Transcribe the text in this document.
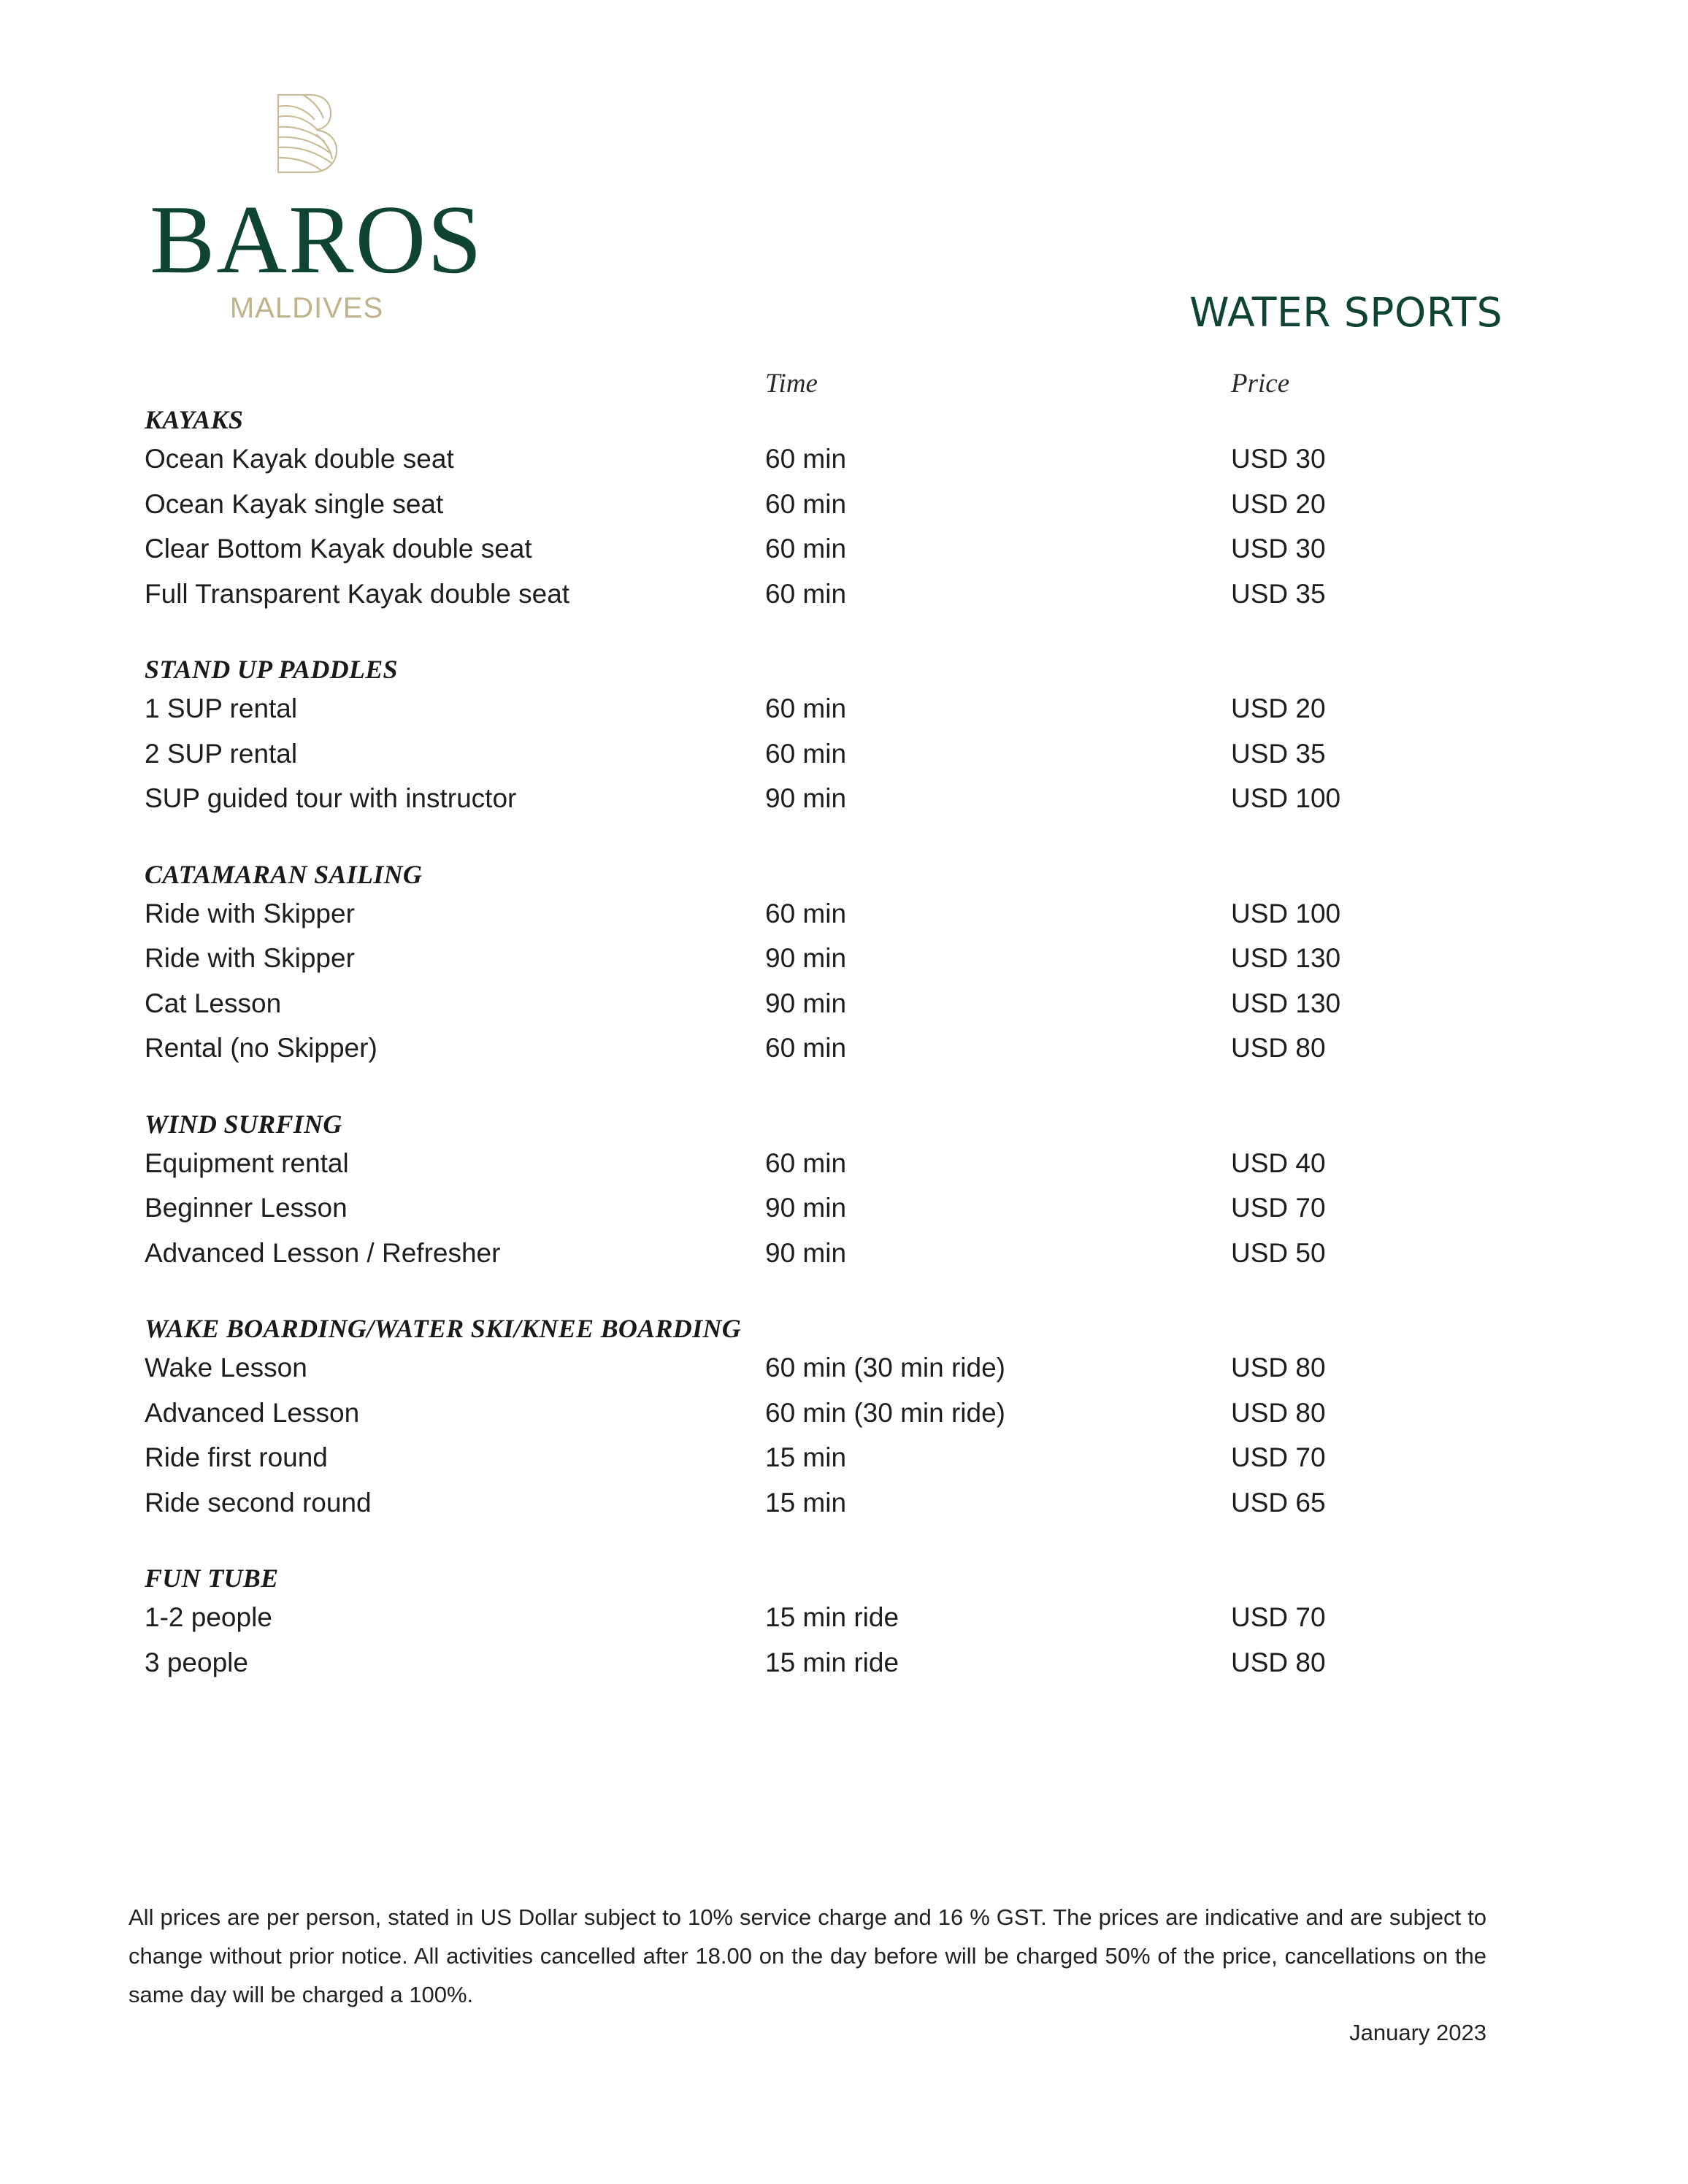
BAROS
MALDIVES	WATER SPORTS
Time	Price
KAYAKS
Ocean Kayak double seat	60 min	USD 30
Ocean Kayak single seat	60 min	USD 20
Clear Bottom Kayak double seat	60 min	USD 30
Full Transparent Kayak double seat	60 min	USD 35
STAND UP PADDLES
1 SUP rental	60 min	USD 20
2 SUP rental	60 min	USD 35
SUP guided tour with instructor	90 min	USD 100
CATAMARAN SAILING
Ride with Skipper	60 min	USD 100
Ride with Skipper	90 min	USD 130
Cat Lesson	90 min	USD 130
Rental (no Skipper)	60 min	USD 80
WIND SURFING
Equipment rental	60 min	USD 40
Beginner Lesson	90 min	USD 70
Advanced Lesson / Refresher	90 min	USD 50
WAKE BOARDING/WATER SKI/KNEE BOARDING
Wake Lesson	60 min (30 min ride)	USD 80
Advanced Lesson	60 min (30 min ride)	USD 80
Ride first round	15 min	USD 70
Ride second round	15 min	USD 65
FUN TUBE
1-2 people	15 min ride	USD 70
3 people	15 min ride	USD 80
All prices are per person, stated in US Dollar subject to 10% service charge and 16 % GST. The prices are indicative and are subject to change without prior notice. All activities cancelled after 18.00 on the day before will be charged 50% of the price, cancellations on the same day will be charged a 100%.
January 2023
